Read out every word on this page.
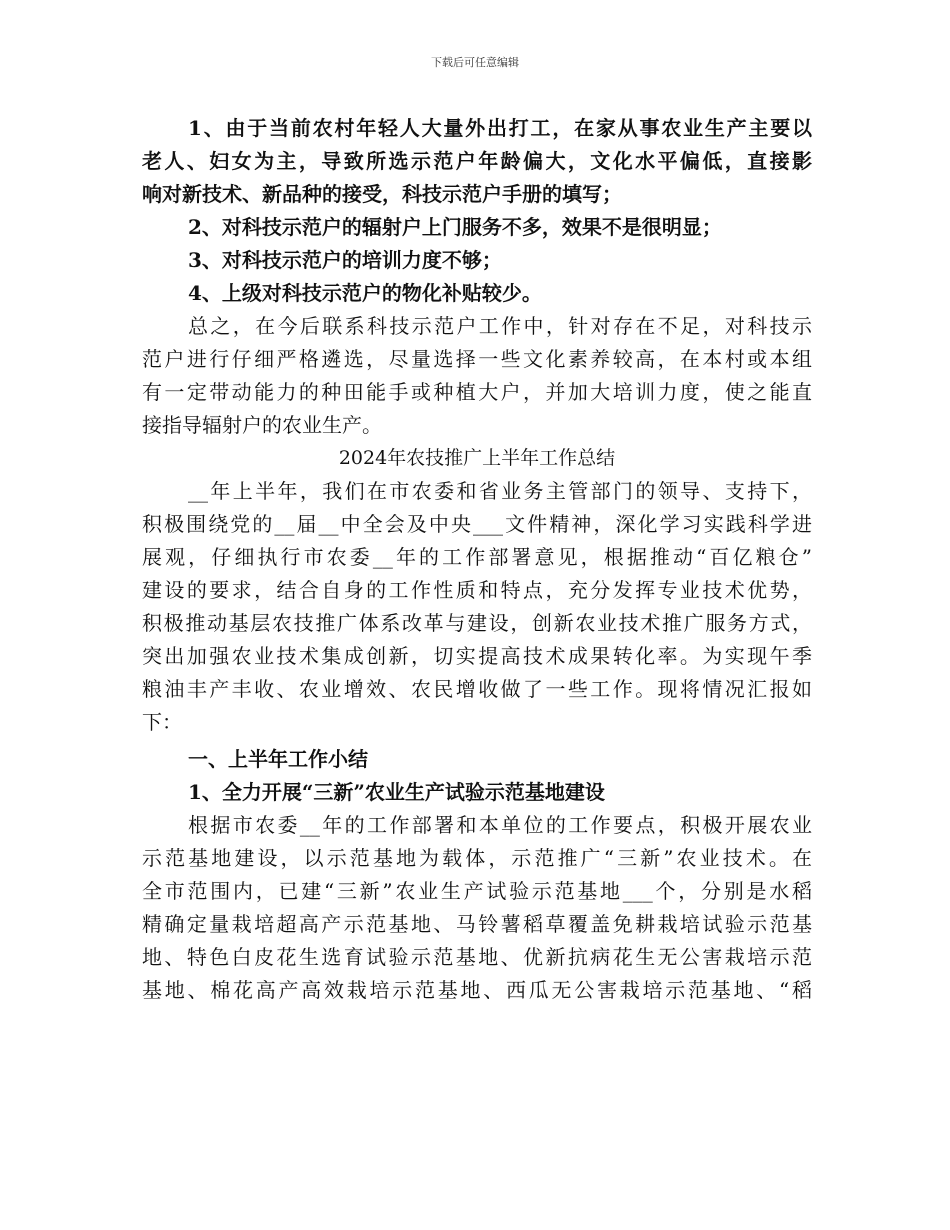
下载后可任意编辑
1、由于当前农村年轻人大量外出打工，在家从事农业生产主要以
老人、妇女为主，导致所选示范户年龄偏大，文化水平偏低，直接影
响对新技术、新品种的接受，科技示范户手册的填写；
2、对科技示范户的辐射户上门服务不多，效果不是很明显；
3、对科技示范户的培训力度不够；
4、上级对科技示范户的物化补贴较少。
总之，在今后联系科技示范户工作中，针对存在不足，对科技示
范户进行仔细严格遴选，尽量选择一些文化素养较高，在本村或本组
有一定带动能力的种田能手或种植大户，并加大培训力度，使之能直
接指导辐射户的农业生产。
2024年农技推广上半年工作总结
__年上半年，我们在市农委和省业务主管部门的领导、支持下，
积极围绕党的__届__中全会及中央___文件精神，深化学习实践科学进
展观，仔细执行市农委__年的工作部署意见，根据推动“百亿粮仓”
建设的要求，结合自身的工作性质和特点，充分发挥专业技术优势，
积极推动基层农技推广体系改革与建设，创新农业技术推广服务方式，
突出加强农业技术集成创新，切实提高技术成果转化率。为实现午季
粮油丰产丰收、农业增效、农民增收做了一些工作。现将情况汇报如
下：
一、上半年工作小结
1、全力开展“三新”农业生产试验示范基地建设
根据市农委__年的工作部署和本单位的工作要点，积极开展农业
示范基地建设，以示范基地为载体，示范推广“三新”农业技术。在
全市范围内，已建“三新”农业生产试验示范基地___个，分别是水稻
精确定量栽培超高产示范基地、马铃薯稻草覆盖免耕栽培试验示范基
地、特色白皮花生选育试验示范基地、优新抗病花生无公害栽培示范
基地、棉花高产高效栽培示范基地、西瓜无公害栽培示范基地、“稻
